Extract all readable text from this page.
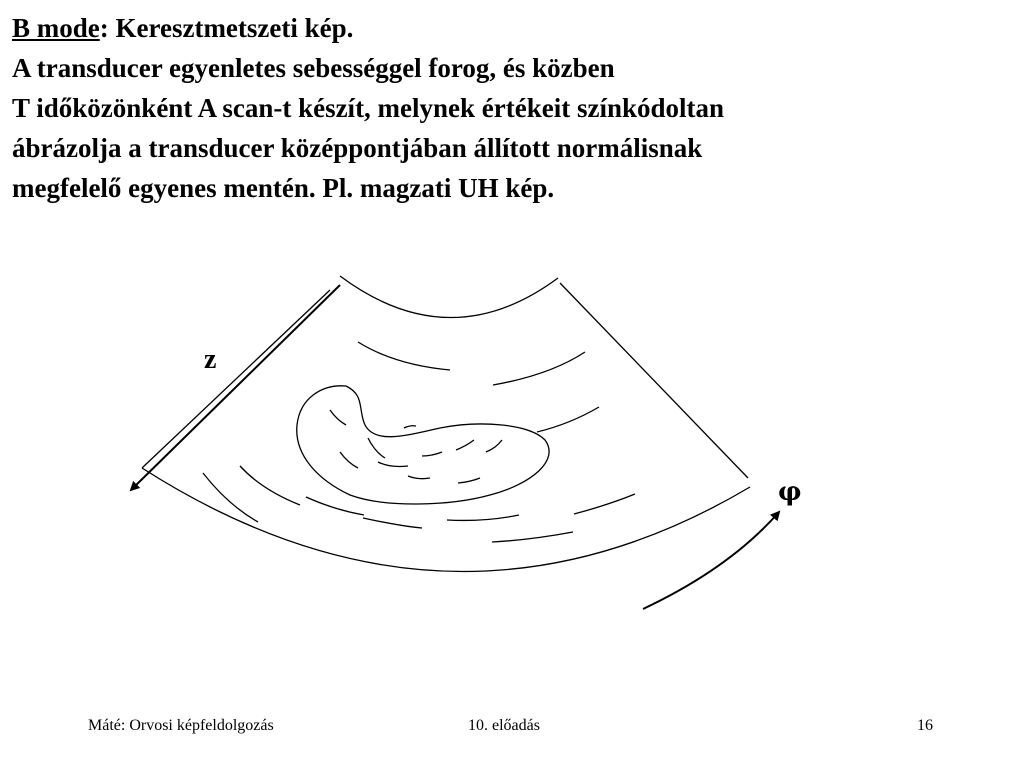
B mode: Keresztmetszeti kép.
A transducer egyenletes sebességgel forog, és közben
T időközönként A scan-t készít, melynek értékeit színkódoltan
ábrázolja a transducer középpontjában állított normálisnak
megfelelő egyenes mentén. Pl. magzati UH kép.
z
φ
Máté: Orvosi képfeldolgozás	10. előadás	16
